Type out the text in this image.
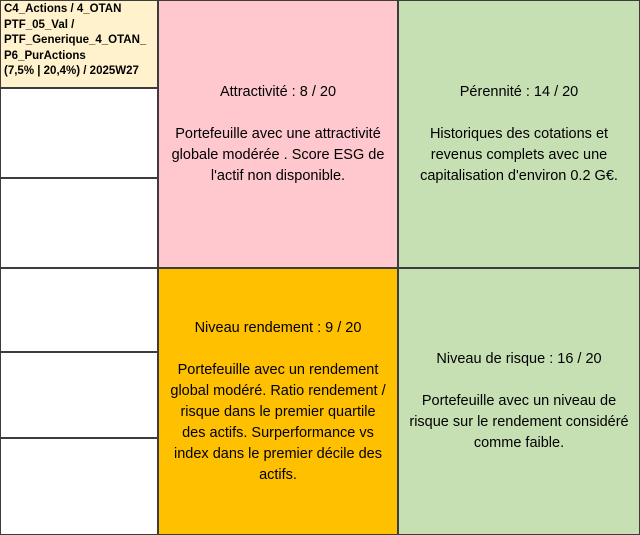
C4_Actions / 4_OTAN
PTF_05_Val /
PTF_Generique_4_OTAN_
P6_PurActions
(7,5% | 20,4%) / 2025W27
Attractivité : 8 / 20
Portefeuille avec une attractivité globale modérée . Score ESG de l'actif non disponible.
Pérennité : 14 / 20
Historiques des cotations et revenus complets avec une capitalisation d'environ 0.2 G€.
Niveau rendement : 9 / 20
Portefeuille avec un rendement global modéré. Ratio rendement / risque dans le premier quartile des actifs. Surperformance vs index dans le premier décile des actifs.
Niveau de risque : 16 / 20
Portefeuille avec un niveau de risque sur le rendement considéré comme faible.
